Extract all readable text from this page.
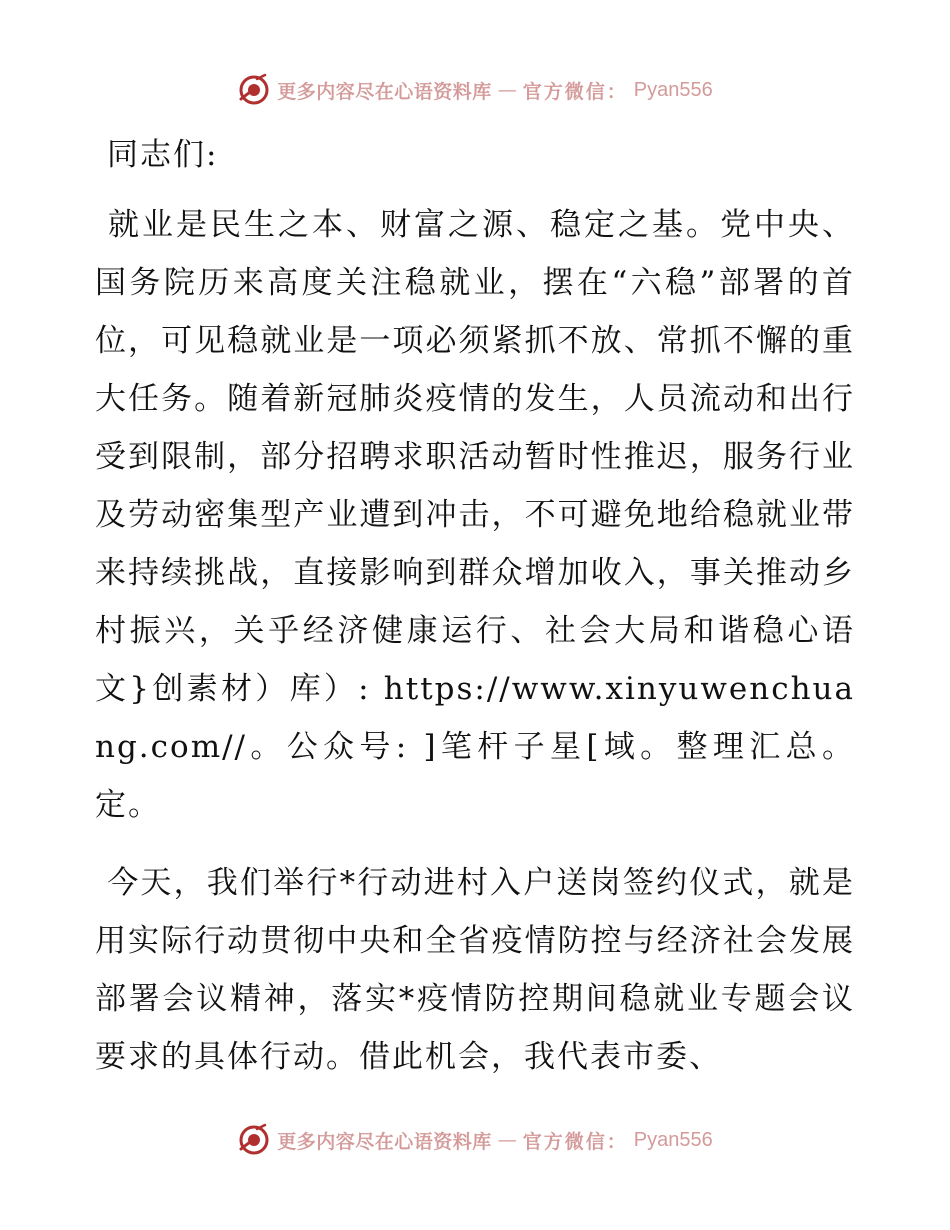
更多内容尽在心语资料库 — 官方微信： Pyan556
同志们:

就业是民生之本、财富之源、稳定之基。党中央、国务院历来高度关注稳就业，摆在“六稳”部署的首位，可见稳就业是一项必须紧抓不放、常抓不懈的重大任务。随着新冠肺炎疫情的发生，人员流动和出行受到限制，部分招聘求职活动暂时性推迟，服务行业及劳动密集型产业遭到冲击，不可避免地给稳就业带来持续挑战，直接影响到群众增加收入，事关推动乡村振兴，关乎经济健康运行、社会大局和谐稳心语文}创素材）库）: https://www.xinyuwenchuang.com//。公众号: ]笔杆子星[域。整理汇总。定。

今天，我们举行*行动进村入户送岗签约仪式，就是用实际行动贯彻中央和全省疫情防控与经济社会发展部署会议精神，落实*疫情防控期间稳就业专题会议要求的具体行动。借此机会，我代表市委、

更多内容尽在心语资料库 — 官方微信： Pyan556
